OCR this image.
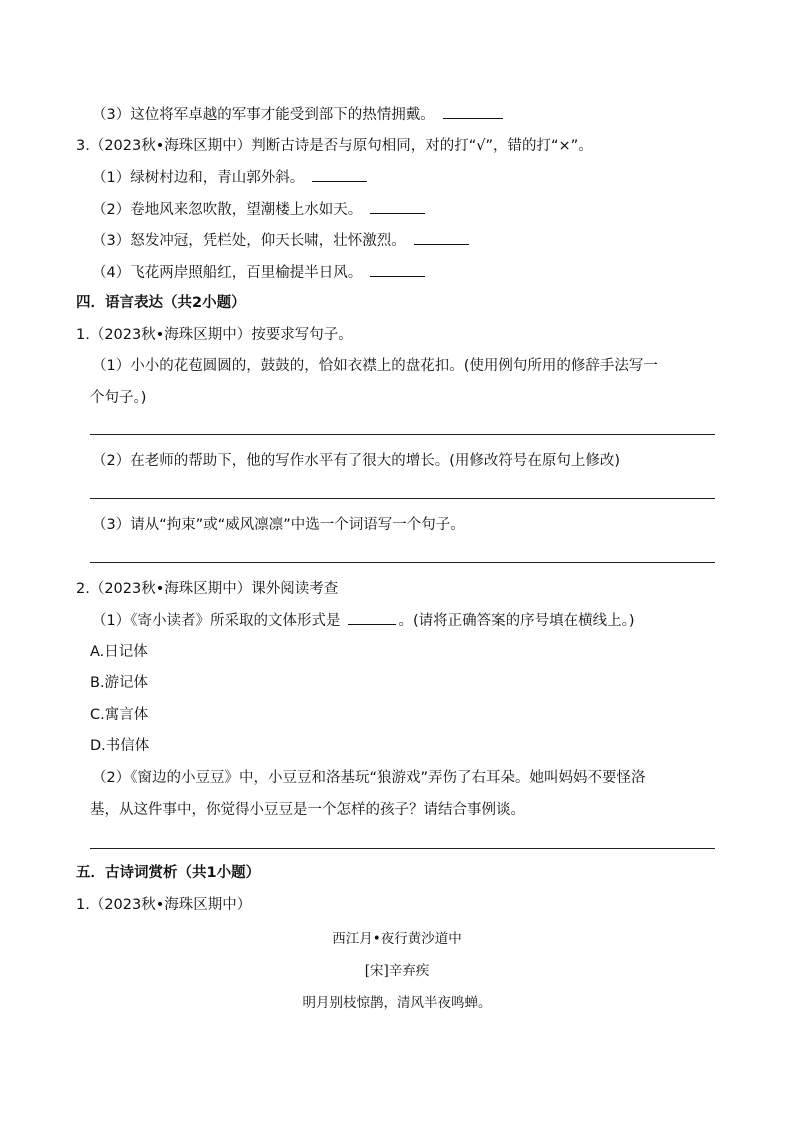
（3）这位将军卓越的军事才能受到部下的热情拥戴。
3.（2023秋•海珠区期中）判断古诗是否与原句相同，对的打“√”，错的打“×”。
（1）绿树村边和，青山郭外斜。
（2）卷地风来忽吹散，望潮楼上水如天。
（3）怒发冲冠，凭栏处，仰天长啸，壮怀激烈。
（4）飞花两岸照船红，百里榆提半日风。
四．语言表达（共2小题）
1.（2023秋•海珠区期中）按要求写句子。
（1）小小的花苞圆圆的，鼓鼓的，恰如衣襟上的盘花扣。(使用例句所用的修辞手法写一
个句子。)
（2）在老师的帮助下，他的写作水平有了很大的增长。(用修改符号在原句上修改)
（3）请从“拘束”或“威风凛凛”中选一个词语写一个句子。
2.（2023秋•海珠区期中）课外阅读考查
（1）《寄小读者》所采取的文体形式是	。(请将正确答案的序号填在横线上。)
A.日记体
B.游记体
C.寓言体
D.书信体
（2）《窗边的小豆豆》中，小豆豆和洛基玩“狼游戏”弄伤了右耳朵。她叫妈妈不要怪洛
基，从这件事中，你觉得小豆豆是一个怎样的孩子？请结合事例谈。
五．古诗词赏析（共1小题）
1.（2023秋•海珠区期中）
西江月•夜行黄沙道中
[宋]辛弃疾
明月别枝惊鹊，清风半夜鸣蝉。
